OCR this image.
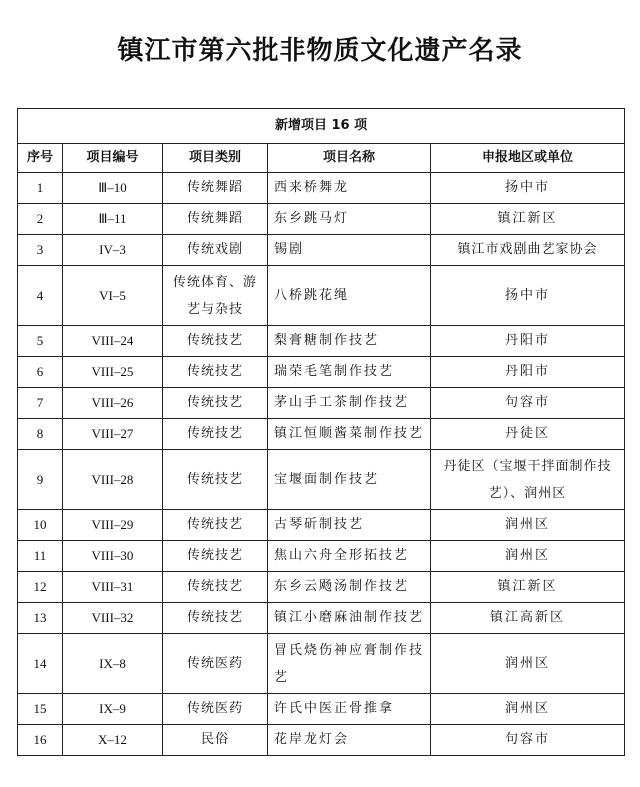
镇江市第六批非物质文化遗产名录
新增项目 16 项				
序号	项目编号	项目类别	项目名称	申报地区或单位
1	Ⅲ–10	传统舞蹈	西来桥舞龙	扬中市
2	Ⅲ–11	传统舞蹈	东乡跳马灯	镇江新区
3	IV–3	传统戏剧	锡剧	镇江市戏剧曲艺家协会
4	VI–5	传统体育、游艺与杂技	八桥跳花绳	扬中市
5	VIII–24	传统技艺	梨膏糖制作技艺	丹阳市
6	VIII–25	传统技艺	瑞荣毛笔制作技艺	丹阳市
7	VIII–26	传统技艺	茅山手工茶制作技艺	句容市
8	VIII–27	传统技艺	镇江恒顺酱菜制作技艺	丹徒区
9	VIII–28	传统技艺	宝堰面制作技艺	丹徒区（宝堰干拌面制作技艺）、润州区
10	VIII–29	传统技艺	古琴斫制技艺	润州区
11	VIII–30	传统技艺	焦山六舟全形拓技艺	润州区
12	VIII–31	传统技艺	东乡云飏汤制作技艺	镇江新区
13	VIII–32	传统技艺	镇江小磨麻油制作技艺	镇江高新区
14	IX–8	传统医药	冒氏烧伤神应膏制作技艺	润州区
15	IX–9	传统医药	许氏中医正骨推拿	润州区
16	X–12	民俗	花岸龙灯会	句容市
